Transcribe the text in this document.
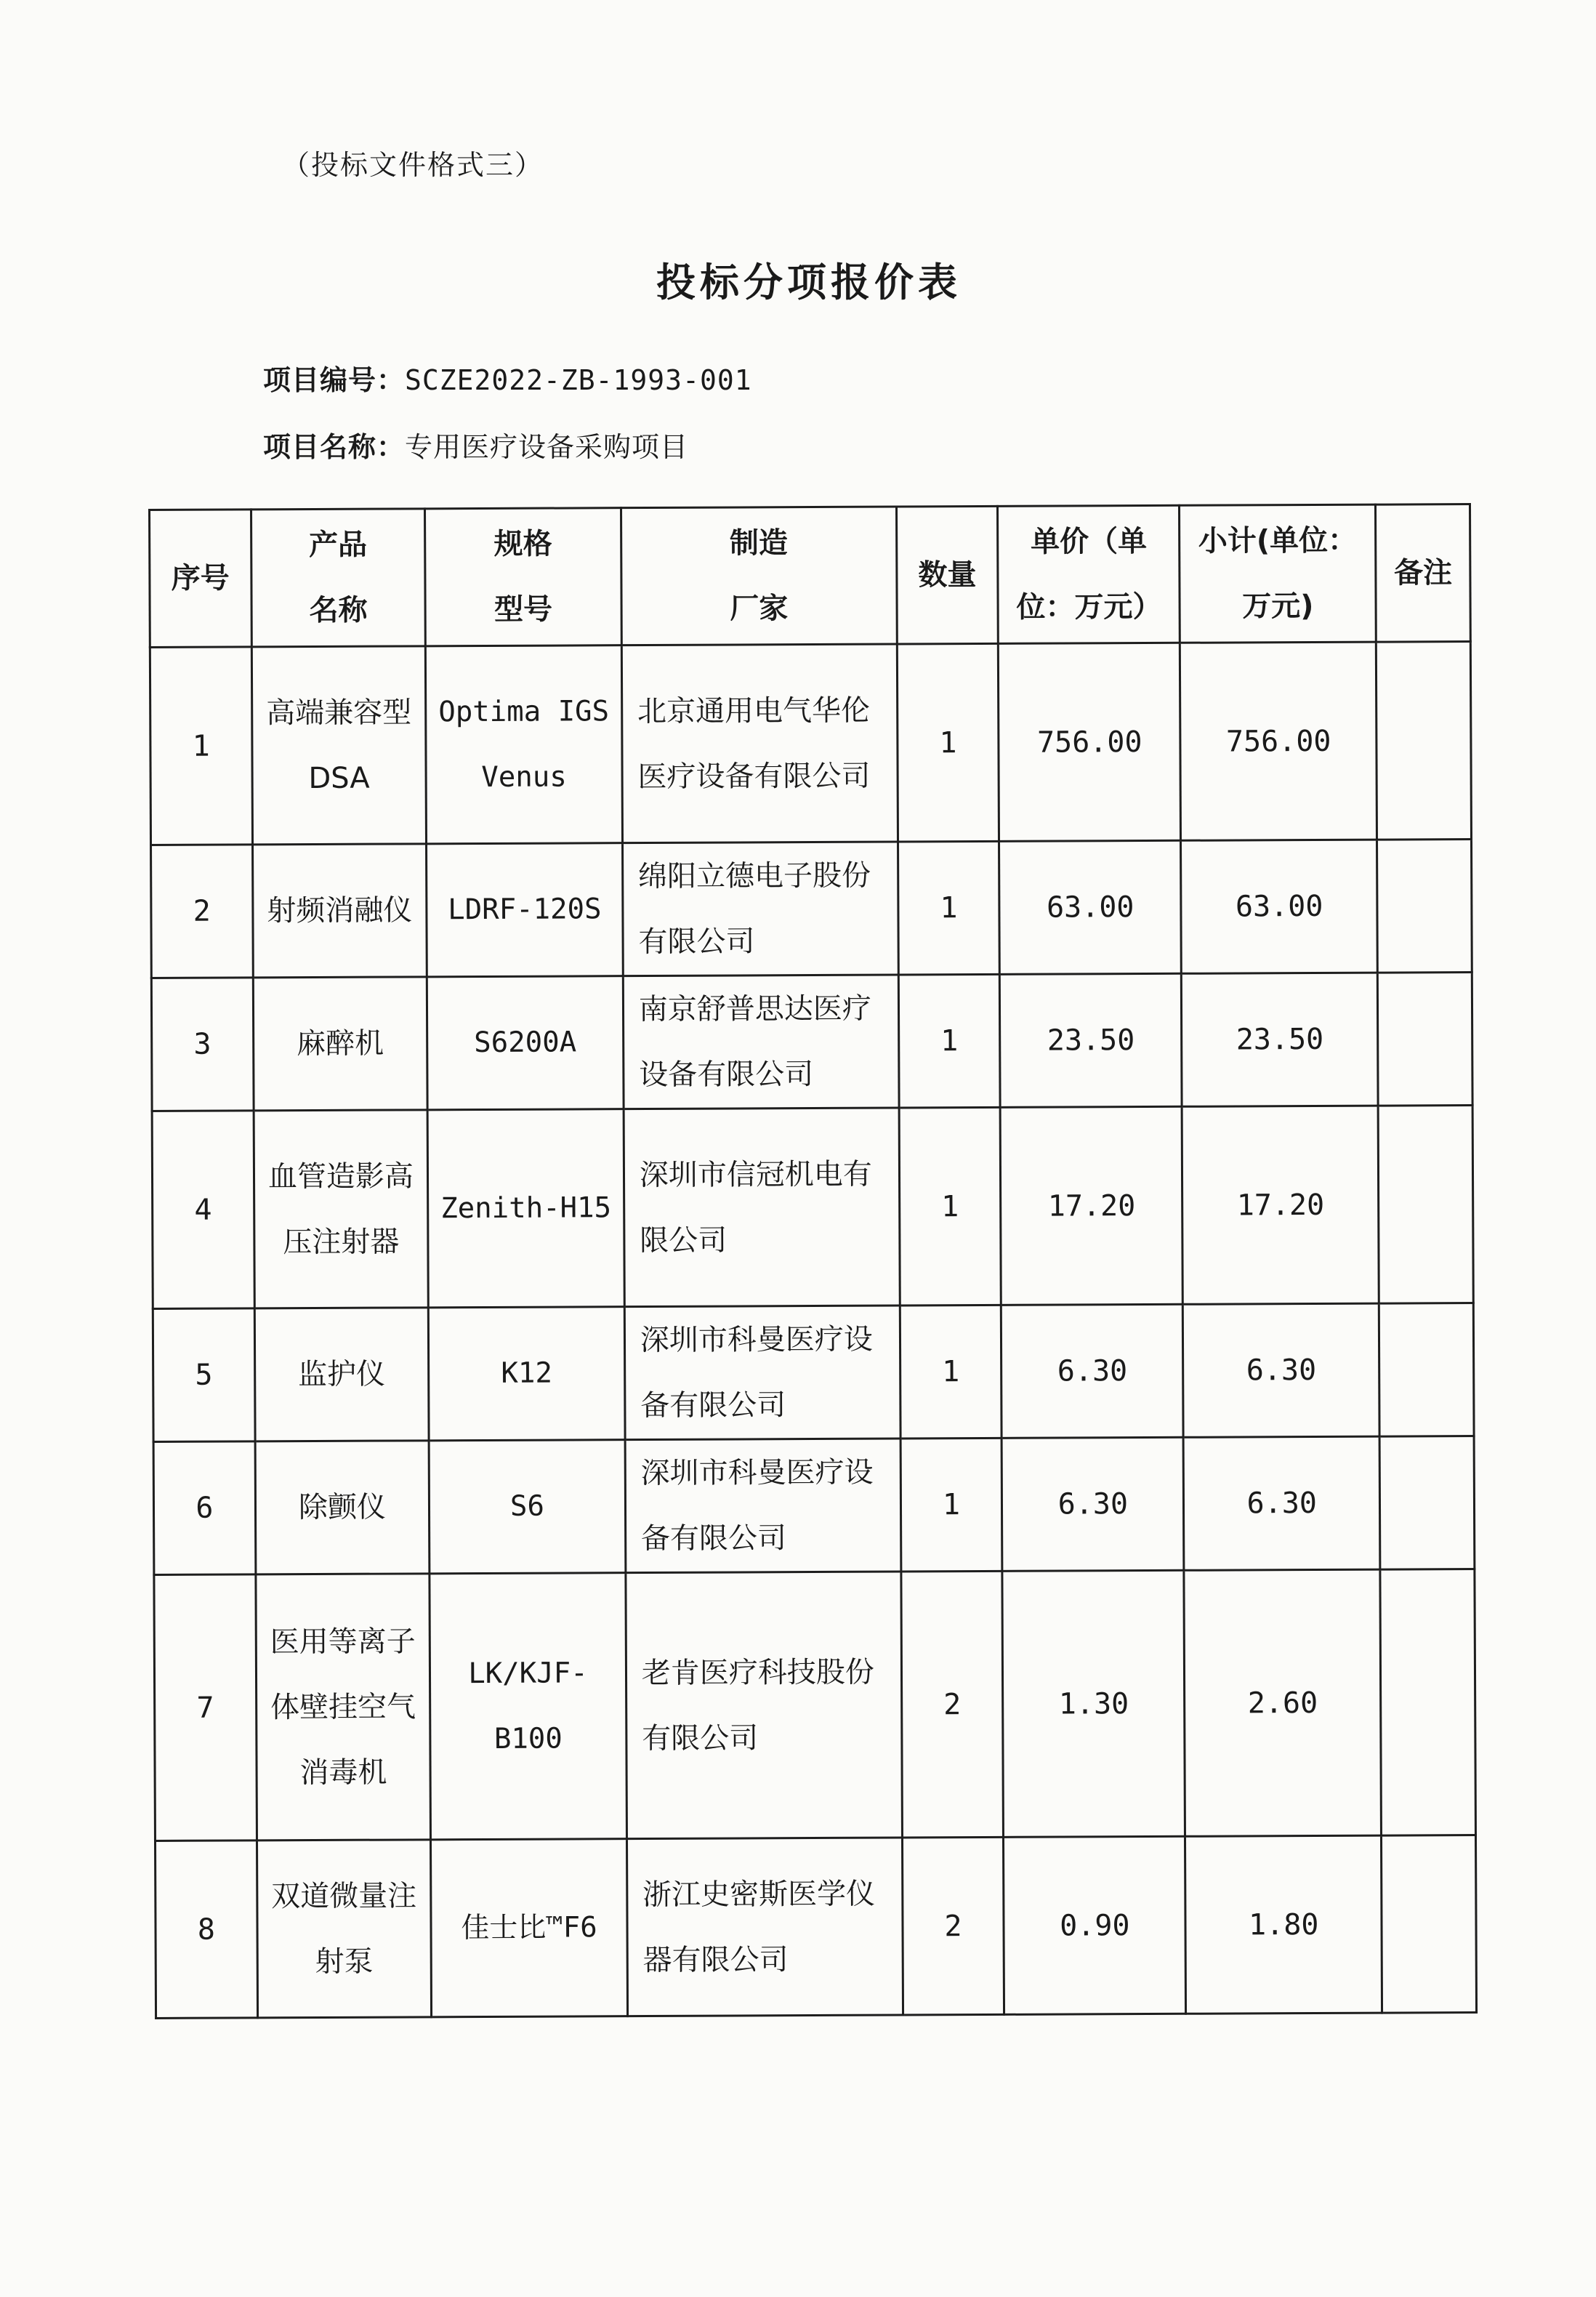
（投标文件格式三）
投标分项报价表
项目编号：SCZE2022-ZB-1993-001
项目名称：专用医疗设备采购项目
序号	产品名称	规格型号	制造厂家	数量	单价（单位：万元）	小计(单位：万元)	备注
1	高端兼容型 DSA	Optima IGS Venus	北京通用电气华伦医疗设备有限公司	1	756.00	756.00	
2	射频消融仪	LDRF-120S	绵阳立德电子股份有限公司	1	63.00	63.00	
3	麻醉机	S6200A	南京舒普思达医疗设备有限公司	1	23.50	23.50	
4	血管造影高压注射器	Zenith-H15	深圳市信冠机电有限公司	1	17.20	17.20	
5	监护仪	K12	深圳市科曼医疗设备有限公司	1	6.30	6.30	
6	除颤仪	S6	深圳市科曼医疗设备有限公司	1	6.30	6.30	
7	医用等离子体壁挂空气消毒机	LK/KJF-B100	老肯医疗科技股份有限公司	2	1.30	2.60	
8	双道微量注射泵	佳士比™F6	浙江史密斯医学仪器有限公司	2	0.90	1.80	
